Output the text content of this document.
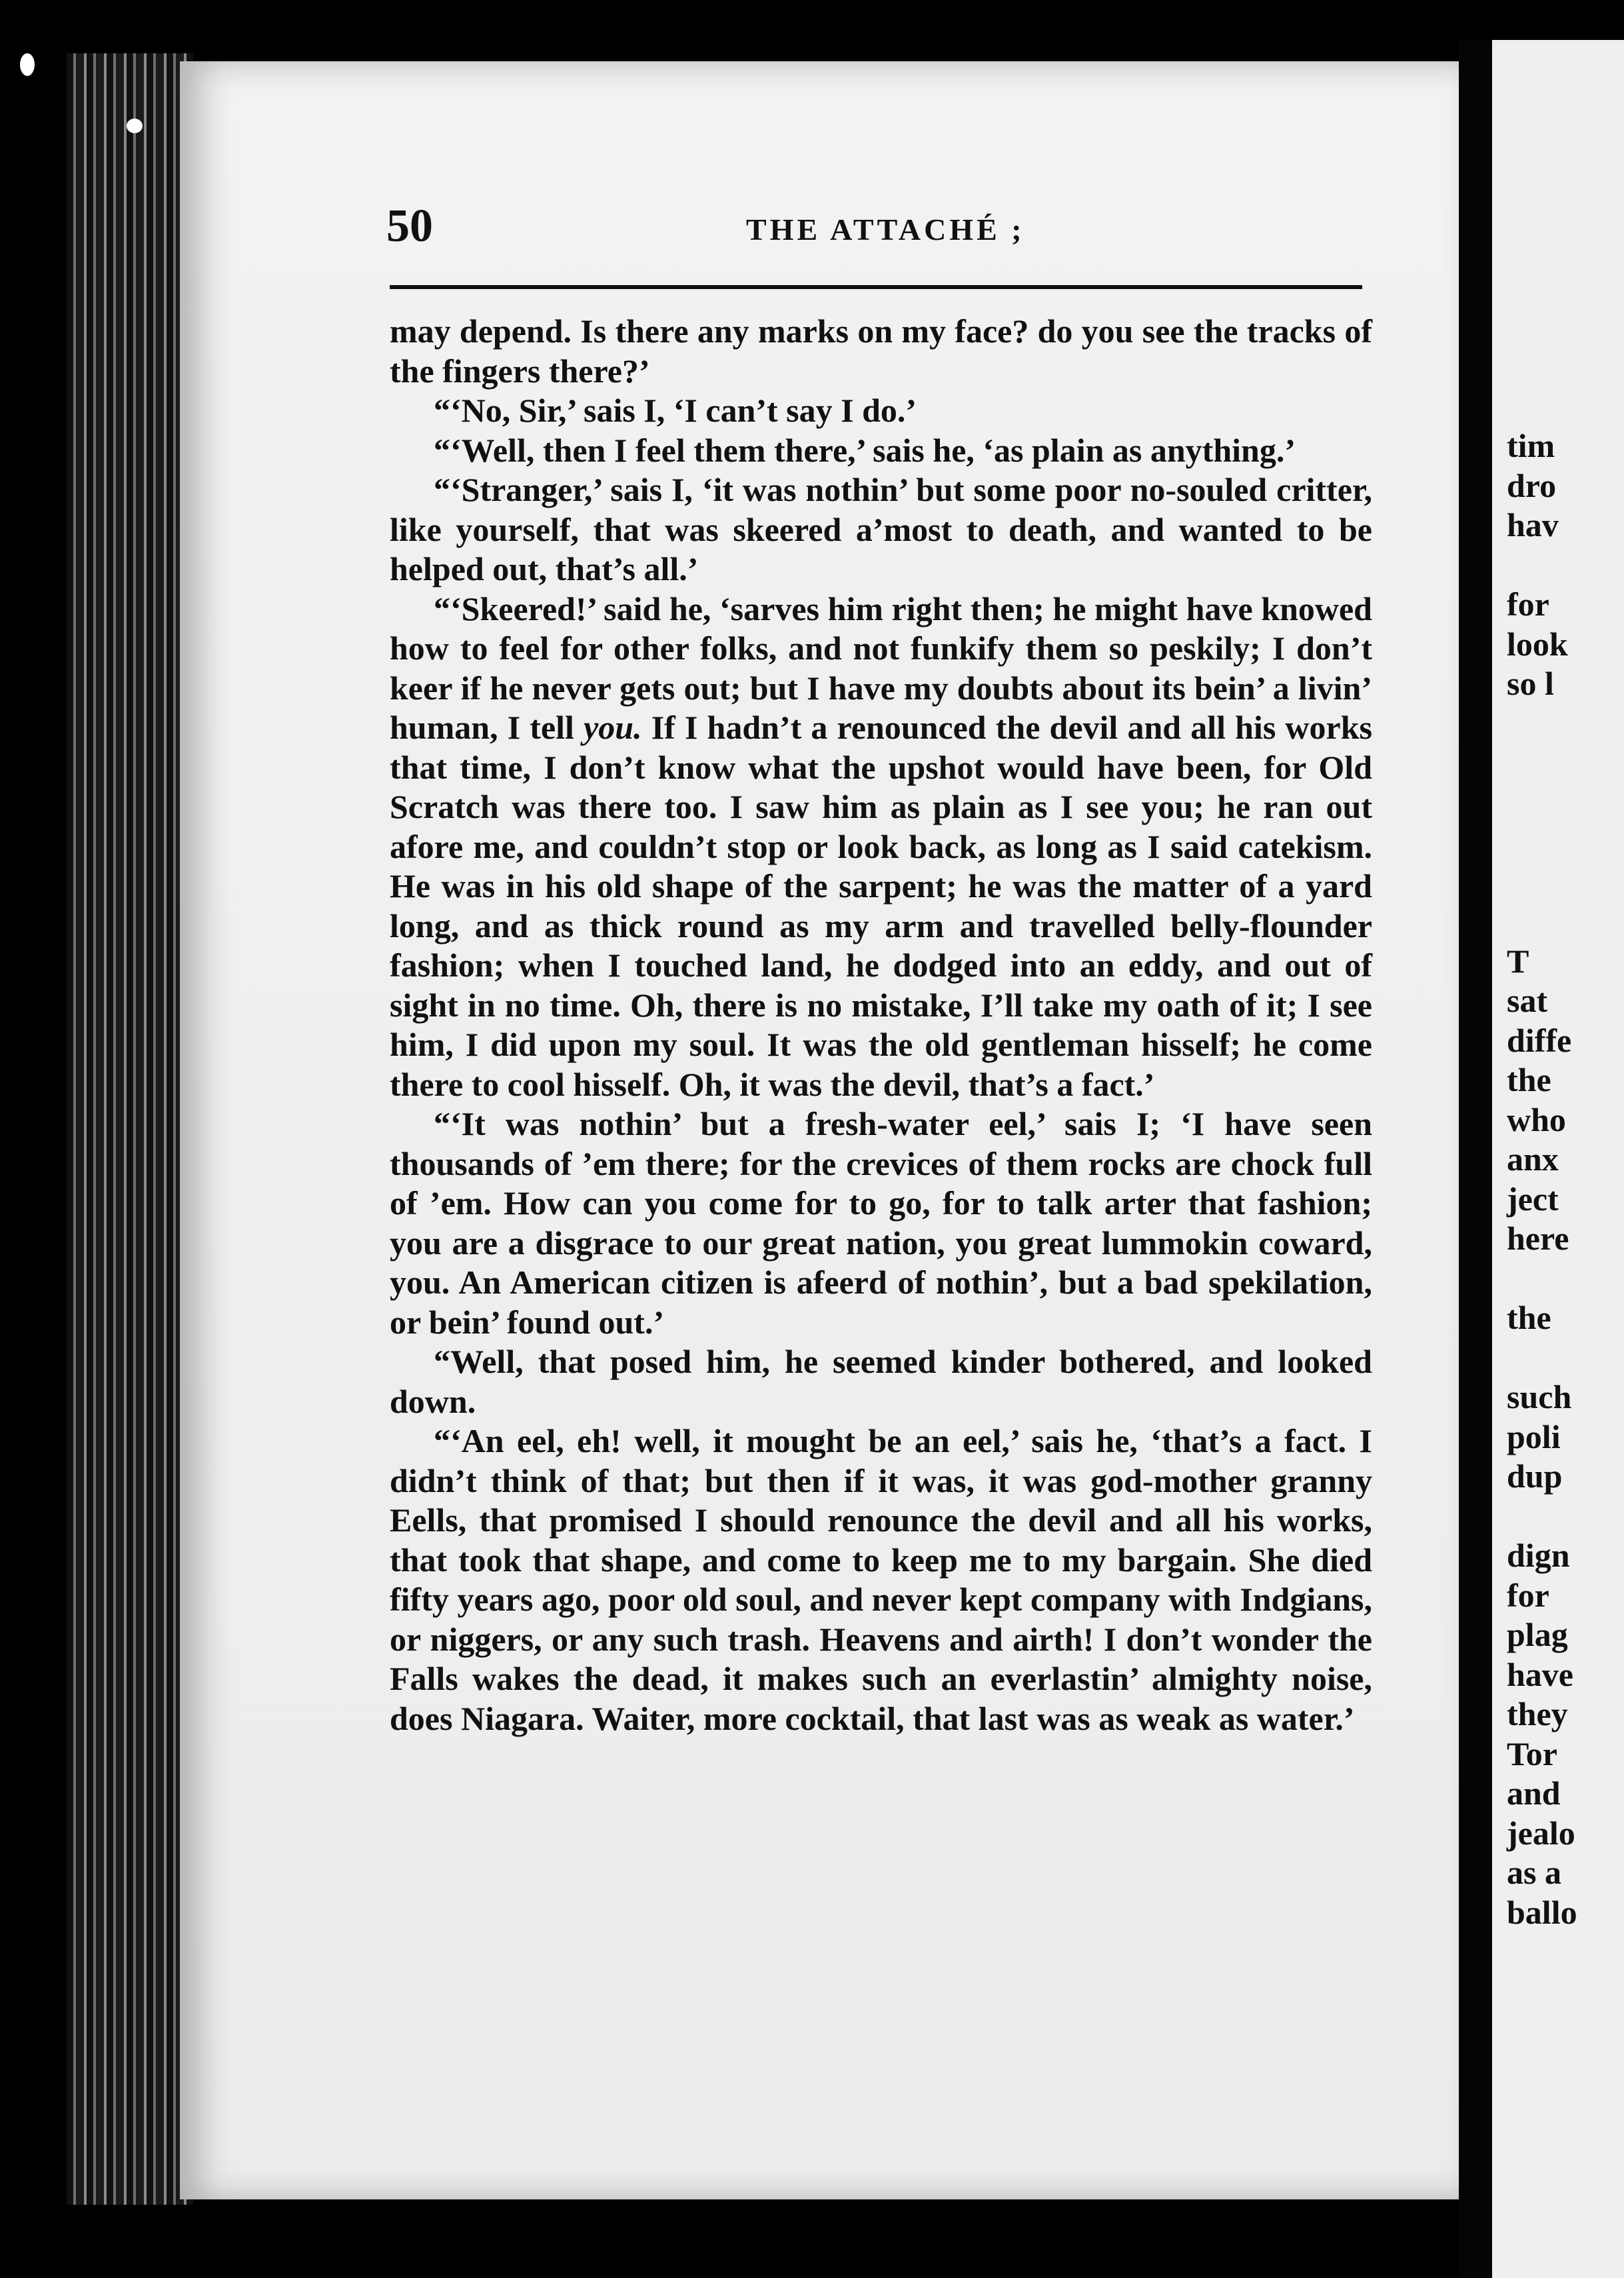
50	THE ATTACHÉ ;

may depend. Is there any marks on my face? do you see the tracks of the fingers there?’

“‘No, Sir,’ sais I, ‘I can’t say I do.’

“‘Well, then I feel them there,’ sais he, ‘as plain as anything.’

“‘Stranger,’ sais I, ‘it was nothin’ but some poor no-souled critter, like yourself, that was skeered a’most to death, and wanted to be helped out, that’s all.’

“‘Skeered!’ said he, ‘sarves him right then; he might have knowed how to feel for other folks, and not funkify them so peskily; I don’t keer if he never gets out; but I have my doubts about its bein’ a livin’ human, I tell you. If I hadn’t a renounced the devil and all his works that time, I don’t know what the upshot would have been, for Old Scratch was there too. I saw him as plain as I see you; he ran out afore me, and couldn’t stop or look back, as long as I said catekism. He was in his old shape of the sarpent; he was the matter of a yard long, and as thick round as my arm and travelled belly-flounder fashion; when I touched land, he dodged into an eddy, and out of sight in no time. Oh, there is no mistake, I’ll take my oath of it; I see him, I did upon my soul. It was the old gentleman hisself; he come there to cool hisself. Oh, it was the devil, that’s a fact.’

“‘It was nothin’ but a fresh-water eel,’ sais I; ‘I have seen thousands of ’em there; for the crevices of them rocks are chock full of ’em. How can you come for to go, for to talk arter that fashion; you are a disgrace to our great nation, you great lummokin coward, you. An American citizen is afeerd of nothin’, but a bad spekilation, or bein’ found out.’

“Well, that posed him, he seemed kinder bothered, and looked down.

“‘An eel, eh! well, it mought be an eel,’ sais he, ‘that’s a fact. I didn’t think of that; but then if it was, it was god-mother granny Eells, that promised I should renounce the devil and all his works, that took that shape, and come to keep me to my bargain. She died fifty years ago, poor old soul, and never kept company with Indgians, or niggers, or any such trash. Heavens and airth! I don’t wonder the Falls wakes the dead, it makes such an everlastin’ almighty noise, does Niagara. Waiter, more cocktail, that last was as weak as water.’

tim
dro
hav

for
look
so l

T
sat
diffe
the
who
anx
ject
here

the

such
poli
dup

dign
for
plag
have
they
Tor
and
jealo
as a
ballo
